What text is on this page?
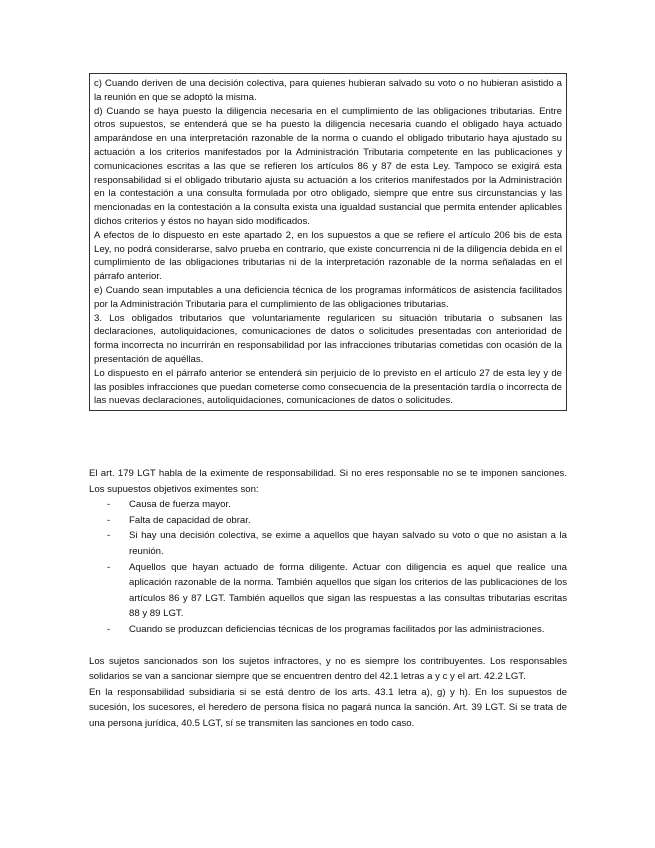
c) Cuando deriven de una decisión colectiva, para quienes hubieran salvado su voto o no hubieran asistido a la reunión en que se adoptó la misma.

d) Cuando se haya puesto la diligencia necesaria en el cumplimiento de las obligaciones tributarias. Entre otros supuestos, se entenderá que se ha puesto la diligencia necesaria cuando el obligado haya actuado amparándose en una interpretación razonable de la norma o cuando el obligado tributario haya ajustado su actuación a los criterios manifestados por la Administración Tributaria competente en las publicaciones y comunicaciones escritas a las que se refieren los artículos 86 y 87 de esta Ley. Tampoco se exigirá esta responsabilidad si el obligado tributario ajusta su actuación a los criterios manifestados por la Administración en la contestación a una consulta formulada por otro obligado, siempre que entre sus circunstancias y las mencionadas en la contestación a la consulta exista una igualdad sustancial que permita entender aplicables dichos criterios y éstos no hayan sido modificados.

A efectos de lo dispuesto en este apartado 2, en los supuestos a que se refiere el artículo 206 bis de esta Ley, no podrá considerarse, salvo prueba en contrario, que existe concurrencia ni de la diligencia debida en el cumplimiento de las obligaciones tributarias ni de la interpretación razonable de la norma señaladas en el párrafo anterior.

e) Cuando sean imputables a una deficiencia técnica de los programas informáticos de asistencia facilitados por la Administración Tributaria para el cumplimiento de las obligaciones tributarias.

3. Los obligados tributarios que voluntariamente regularicen su situación tributaria o subsanen las declaraciones, autoliquidaciones, comunicaciones de datos o solicitudes presentadas con anterioridad de forma incorrecta no incurrirán en responsabilidad por las infracciones tributarias cometidas con ocasión de la presentación de aquéllas.

Lo dispuesto en el párrafo anterior se entenderá sin perjuicio de lo previsto en el artículo 27 de esta ley y de las posibles infracciones que puedan cometerse como consecuencia de la presentación tardía o incorrecta de las nuevas declaraciones, autoliquidaciones, comunicaciones de datos o solicitudes.

El art. 179 LGT habla de la eximente de responsabilidad. Si no eres responsable no se te imponen sanciones. Los supuestos objetivos eximentes son:

- Causa de fuerza mayor.
- Falta de capacidad de obrar.
- Si hay una decisión colectiva, se exime a aquellos que hayan salvado su voto o que no asistan a la reunión.
- Aquellos que hayan actuado de forma diligente. Actuar con diligencia es aquel que realice una aplicación razonable de la norma. También aquellos que sigan los criterios de las publicaciones de los artículos 86 y 87 LGT. También aquellos que sigan las respuestas a las consultas tributarias escritas 88 y 89 LGT.
- Cuando se produzcan deficiencias técnicas de los programas facilitados por las administraciones.

Los sujetos sancionados son los sujetos infractores, y no es siempre los contribuyentes. Los responsables solidarios se van a sancionar siempre que se encuentren dentro del 42.1 letras a y c y el art. 42.2 LGT.

En la responsabilidad subsidiaria si se está dentro de los arts. 43.1 letra a), g) y h). En los supuestos de sucesión, los sucesores, el heredero de persona física no pagará nunca la sanción. Art. 39 LGT. Si se trata de una persona jurídica, 40.5 LGT, sí se transmiten las sanciones en todo caso.
